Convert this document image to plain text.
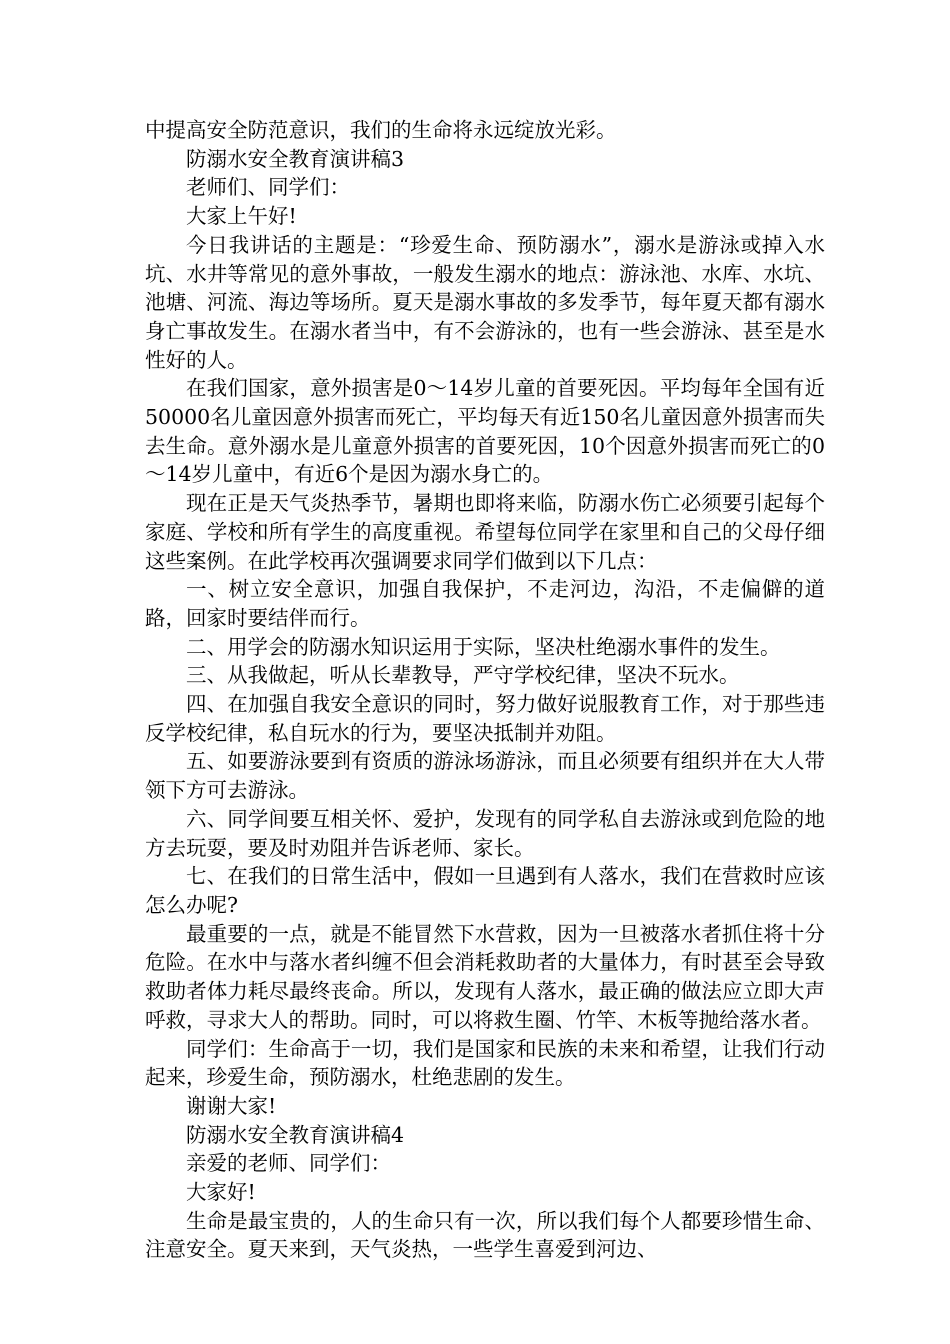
中提高安全防范意识，我们的生命将永远绽放光彩。

防溺水安全教育演讲稿3

老师们、同学们：

大家上午好!

今日我讲话的主题是：“珍爱生命、预防溺水”，溺水是游泳或掉入水坑、水井等常见的意外事故，一般发生溺水的地点：游泳池、水库、水坑、池塘、河流、海边等场所。夏天是溺水事故的多发季节，每年夏天都有溺水身亡事故发生。在溺水者当中，有不会游泳的，也有一些会游泳、甚至是水性好的人。

在我们国家，意外损害是0～14岁儿童的首要死因。平均每年全国有近50000名儿童因意外损害而死亡，平均每天有近150名儿童因意外损害而失去生命。意外溺水是儿童意外损害的首要死因，10个因意外损害而死亡的0～14岁儿童中，有近6个是因为溺水身亡的。

现在正是天气炎热季节，暑期也即将来临，防溺水伤亡必须要引起每个家庭、学校和所有学生的高度重视。希望每位同学在家里和自己的父母仔细这些案例。在此学校再次强调要求同学们做到以下几点：

一、树立安全意识，加强自我保护，不走河边，沟沿，不走偏僻的道路，回家时要结伴而行。

二、用学会的防溺水知识运用于实际，坚决杜绝溺水事件的发生。

三、从我做起，听从长辈教导，严守学校纪律，坚决不玩水。

四、在加强自我安全意识的同时，努力做好说服教育工作，对于那些违反学校纪律，私自玩水的行为，要坚决抵制并劝阻。

五、如要游泳要到有资质的游泳场游泳，而且必须要有组织并在大人带领下方可去游泳。

六、同学间要互相关怀、爱护，发现有的同学私自去游泳或到危险的地方去玩耍，要及时劝阻并告诉老师、家长。

七、在我们的日常生活中，假如一旦遇到有人落水，我们在营救时应该怎么办呢?

最重要的一点，就是不能冒然下水营救，因为一旦被落水者抓住将十分危险。在水中与落水者纠缠不但会消耗救助者的大量体力，有时甚至会导致救助者体力耗尽最终丧命。所以，发现有人落水，最正确的做法应立即大声呼救，寻求大人的帮助。同时，可以将救生圈、竹竿、木板等抛给落水者。

同学们：生命高于一切，我们是国家和民族的未来和希望，让我们行动起来，珍爱生命，预防溺水，杜绝悲剧的发生。

谢谢大家!

防溺水安全教育演讲稿4

亲爱的老师、同学们：

大家好!

生命是最宝贵的，人的生命只有一次，所以我们每个人都要珍惜生命、注意安全。夏天来到，天气炎热，一些学生喜爱到河边、
